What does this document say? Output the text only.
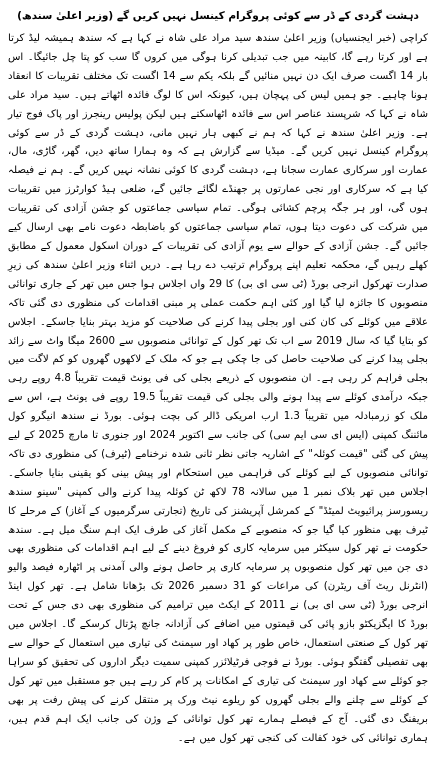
دہشت گردی کے ڈر سے کوئی پروگرام کینسل نہیں کریں گے (وزیر اعلیٰ سندھ)

کراچی (خبر ایجنسیاں) وزیر اعلیٰ سندھ سید مراد علی شاہ نے کہا ہے کہ سندھ ہمیشہ لیڈ کرتا ہے اور کرتا رہے گا، کابینہ میں جب تبدیلی کرنا ہوگی میں کروں گا سب کو پتا چل جائیگا۔ اس بار 14 اگست صرف ایک دن نہیں منائیں گے بلکہ یکم سے 14 اگست تک مختلف تقریبات کا انعقاد ہونا چاہیے۔ جو ہمیں لیس کی پہچان ہیں، کیونکہ اس کا لوگ فائدہ اٹھاتے ہیں۔ سید مراد علی شاہ نے کہا کہ شرپسند عناصر اس سے فائدہ اٹھاسکتے ہیں لیکن پولیس رینجرز اور پاک فوج تیار ہے۔ وزیر اعلیٰ سندھ نے کہا کہ ہم نے کبھی ہار نہیں مانی، دہشت گردی کے ڈر سے کوئی پروگرام کینسل نہیں کریں گے۔ میڈیا سے گزارش ہے کہ وہ ہمارا ساتھ دیں، گھر، گاڑی، مال، عمارت اور سرکاری عمارت سجانا ہے، دہشت گردی کا کوئی نشانہ نہیں کریں گے۔ ہم نے فیصلہ کیا ہے کہ سرکاری اور نجی عمارتوں پر جھنڈے لگائے جائیں گے، ضلعی ہیڈ کوارٹرز میں تقریبات ہوں گی، اور ہر جگہ پرچم کشائی ہوگی۔ تمام سیاسی جماعتوں کو جشن آزادی کی تقریبات میں شرکت کی دعوت دیتا ہوں، تمام سیاسی جماعتوں کو باضابطہ دعوت نامے بھی ارسال کیے جائیں گے۔ جشن آزادی کے حوالے سے یوم آزادی کی تقریبات کے دوران اسکول معمول کے مطابق کھلے رہیں گے، محکمہ تعلیم اپنے پروگرام ترتیب دے رہا ہے۔ دریں اثناء وزیر اعلیٰ سندھ کی زیرِ صدارت تھرکول انرجی بورڈ (ٹی سی ای بی) کا 29 واں اجلاس ہوا جس میں تھر کے جاری توانائی منصوبوں کا جائزہ لیا گیا اور کئی اہم حکمت عملی پر مبنی اقدامات کی منظوری دی گئی تاکہ علاقے میں کوئلے کی کان کنی اور بجلی پیدا کرنے کی صلاحیت کو مزید بہتر بنایا جاسکے۔ اجلاس کو بتایا گیا کہ سال 2019 سے اب تک تھر کول کے توانائی منصوبوں سے 2600 میگا واٹ سے زائد بجلی پیدا کرنے کی صلاحیت حاصل کی جا چکی ہے جو کہ ملک کے لاکھوں گھروں کو کم لاگت میں بجلی فراہم کر رہی ہے۔ ان منصوبوں کے ذریعے بجلی کی فی یونٹ قیمت تقریباً 4.8 روپے رہی جبکہ درآمدی کوئلے سے پیدا ہونے والی بجلی کی قیمت تقریباً 19.5 روپے فی یونٹ ہے، اس سے ملک کو زرمبادلہ میں تقریباً 1.3 ارب امریکی ڈالر کی بچت ہوئی۔ بورڈ نے سندھ انیگرو کول مائننگ کمپنی (ایس ای سی ایم سی) کی جانب سے اکتوبر 2024 اور جنوری تا مارچ 2025 کے لیے پیش کی گئی "قیمت کوئلہ" کے اشاریہ جاتی نظر ثانی شدہ نرخنامے (ٹیرف) کی منظوری دی تاکہ توانائی منصوبوں کے لیے کوئلے کی فراہمی میں استحکام اور پیش بینی کو یقینی بنایا جاسکے۔ اجلاس میں تھر بلاک نمبر 1 میں سالانہ 78 لاکھ ٹن کوئلہ پیدا کرنے والی کمپنی "سینو سندھ ریسورسز پرائیویٹ لمیٹڈ" کے کمرشل آپریشنز کی تاریخ (تجارتی سرگرمیوں کے آغاز) کے مرحلے کا ٹیرف بھی منظور کیا گیا جو کہ منصوبے کے مکمل آغاز کی طرف ایک اہم سنگ میل ہے۔ سندھ حکومت نے تھر کول سیکٹر میں سرمایہ کاری کو فروغ دینے کے لیے اہم اقدامات کی منظوری بھی دی جن میں تھر کول منصوبوں پر سرمایہ کاری پر حاصل ہونے والی آمدنی پر اٹھارہ فیصد والیو (انٹرنل ریٹ آف ریٹرن) کی مراعات کو 31 دسمبر 2026 تک بڑھانا شامل ہے۔ تھر کول اینڈ انرجی بورڈ (ٹی سی ای بی) نے 2011 کے ایکٹ میں ترامیم کی منظوری بھی دی جس کے تحت بورڈ کا ایگزیکٹو بازو پائی کی قیمتوں میں اضافے کی آزادانہ جانچ پڑتال کرسکے گا۔ اجلاس میں تھر کول کے صنعتی استعمال، خاص طور پر کھاد اور سیمنٹ کی تیاری میں استعمال کے حوالے سے بھی تفصیلی گفتگو ہوئی۔ بورڈ نے فوجی فرٹیلائزر کمپنی سمیت دیگر اداروں کی تحقیق کو سراہا جو کوئلے سے کھاد اور سیمنٹ کی تیاری کے امکانات پر کام کر رہے ہیں جو مستقبل میں تھر کول کے کوئلے سے چلنے والے بجلی گھروں کو ریلوے نیٹ ورک پر منتقل کرنے کی پیش رفت پر بھی بریفنگ دی گئی۔ آج کے فیصلے ہمارے تھر کول توانائی کے وژن کی جانب ایک اہم قدم ہیں، ہماری توانائی کی خود کفالت کی کنجی تھر کول میں ہے۔
